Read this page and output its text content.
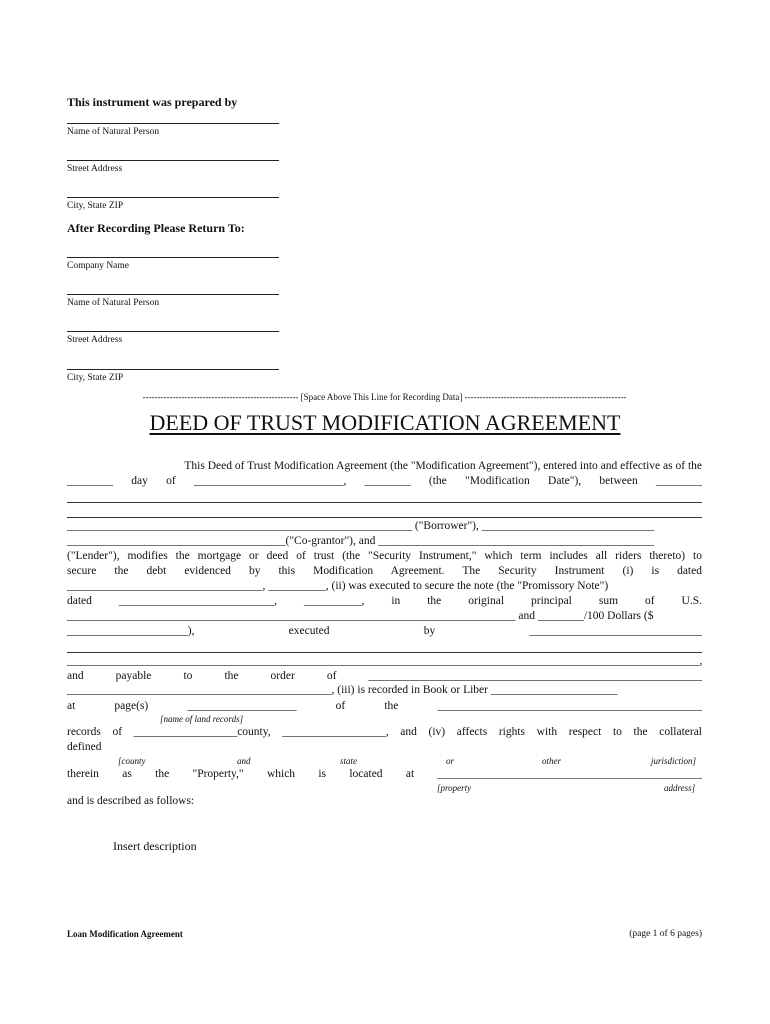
This instrument was prepared by
Name of Natural Person
Street Address
City, State ZIP
After Recording Please Return To:
Company Name
Name of Natural Person
Street Address
City, State ZIP
---------------------------------------------------- [Space Above This Line for Recording Data] ------------------------------------------------------
DEED OF TRUST MODIFICATION AGREEMENT
This Deed of Trust Modification Agreement (the "Modification Agreement"), entered into and effective as of the
________ day of __________________________, ________ (the "Modification Date"), between ________
____________________________________________________________ ("Borrower"), ______________________________
______________________________________("Co-grantor"), and ________________________________________________
("Lender"), modifies the mortgage or deed of trust (the "Security Instrument," which term includes all riders thereto) to
secure the debt evidenced by this Modification Agreement. The Security Instrument (i) is dated
__________________________________, __________, (ii) was executed to secure the note (the "Promissory Note")
dated ___________________________, __________, in the original principal sum of U.S.
______________________________________________________________________________ and ________/100 Dollars ($
_____________________), executed by ______________________________
______________________________________________________________________________________________________________,
and payable to the order of __________________________________________________________
______________________________________________, (iii) is recorded in Book or Liber ______________________
at page(s) ___________________ of the ______________________________________________
[name of land records]
records of __________________county, __________________, and (iv) affects rights with respect to the collateral
defined
[county	and	state	or	other	jurisdiction]
therein as the "Property," which is located at ______________________________________________
[property	address]
and is described as follows:
Insert description
Loan Modification Agreement	(page 1 of 6 pages)
